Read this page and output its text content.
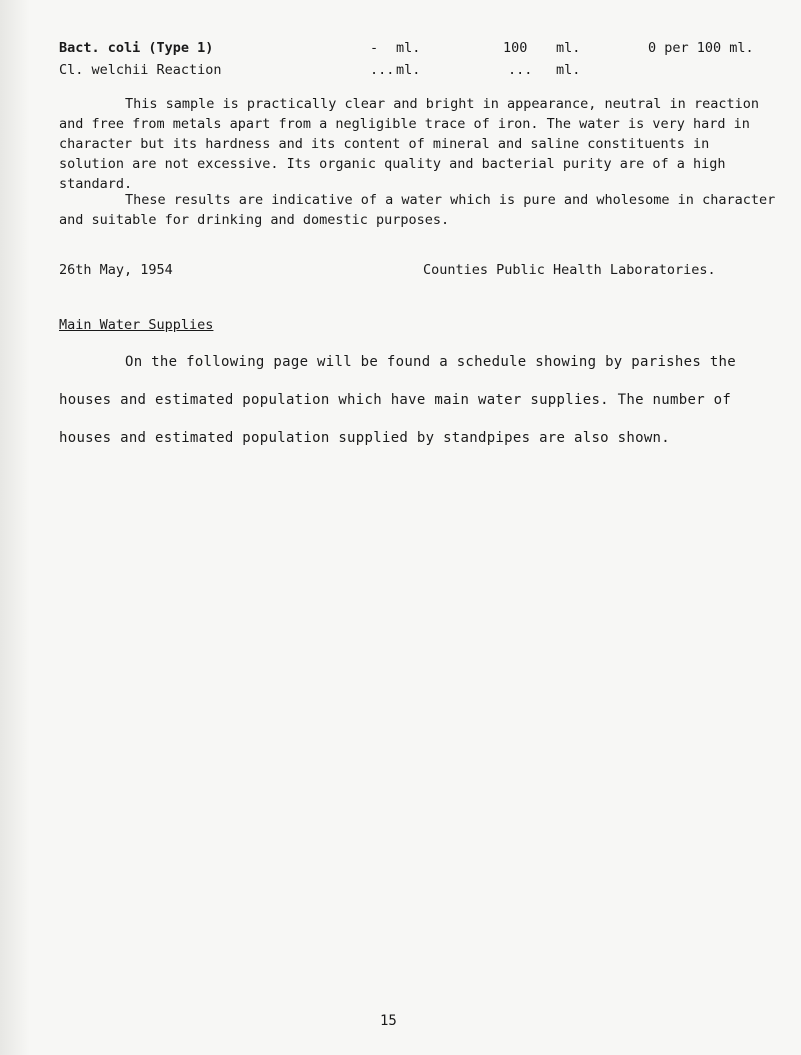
Bact. coli (Type 1)	- ml.	100 ml.	0 per 100 ml.
Cl. welchii Reaction	... ml.	... ml.
This sample is practically clear and bright in appearance, neutral in reaction and free from metals apart from a negligible trace of iron. The water is very hard in character but its hardness and its content of mineral and saline constituents in solution are not excessive. Its organic quality and bacterial purity are of a high standard.
These results are indicative of a water which is pure and wholesome in character and suitable for drinking and domestic purposes.
26th May, 1954	Counties Public Health Laboratories.
Main Water Supplies
On the following page will be found a schedule showing by parishes the houses and estimated population which have main water supplies. The number of houses and estimated population supplied by standpipes are also shown.
15
